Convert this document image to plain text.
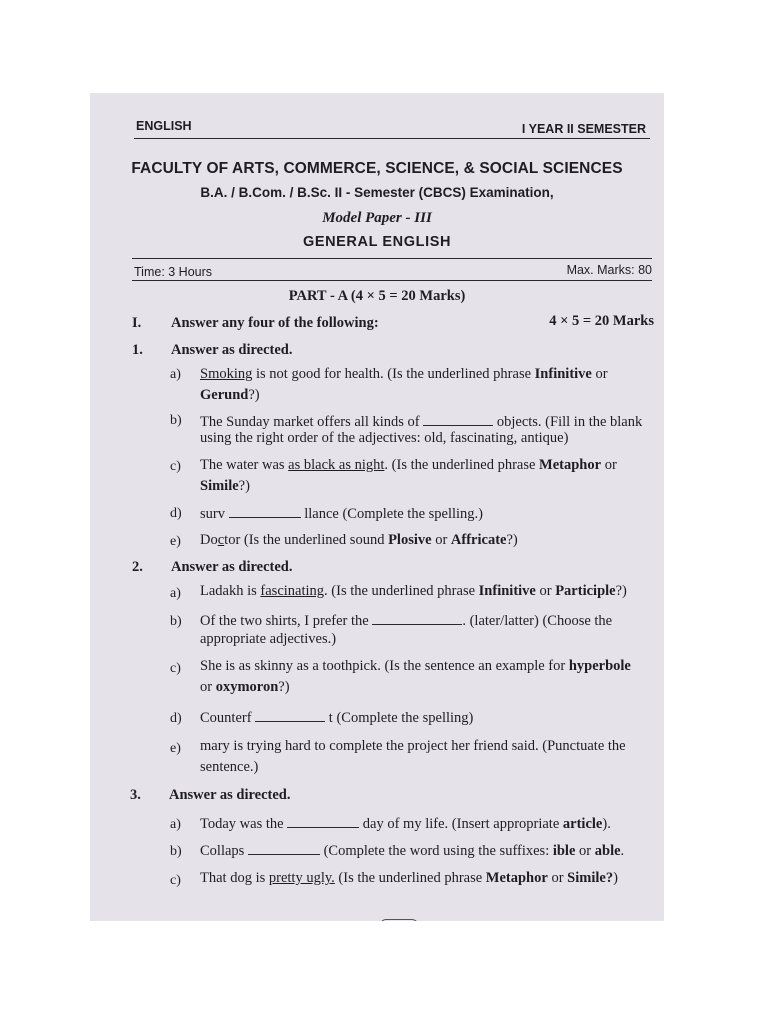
ENGLISH	I YEAR II SEMESTER
FACULTY OF ARTS, COMMERCE, SCIENCE, & SOCIAL SCIENCES
B.A. / B.Com. / B.Sc. II - Semester (CBCS) Examination,
Model Paper - III
GENERAL ENGLISH
Time: 3 Hours	Max. Marks: 80
PART - A (4 × 5 = 20 Marks)
I. Answer any four of the following:	4 × 5 = 20 Marks
1. Answer as directed.
a) Smoking is not good for health. (Is the underlined phrase Infinitive or
Gerund?)
b) The Sunday market offers all kinds of	objects. (Fill in the blank
using the right order of the adjectives: old, fascinating, antique)
c) The water was as black as night. (Is the underlined phrase Metaphor or
Simile?)
d) surv	llance (Complete the spelling.)
e) Doctor (Is the underlined sound Plosive or Affricate?)
2. Answer as directed.
a) Ladakh is fascinating. (Is the underlined phrase Infinitive or Participle?)
b) Of the two shirts, I prefer the	. (later/latter) (Choose the
appropriate adjectives.)
c) She is as skinny as a toothpick. (Is the sentence an example for hyperbole
or oxymoron?)
d) Counterf	t (Complete the spelling)
e) mary is trying hard to complete the project her friend said. (Punctuate the
sentence.)
3. Answer as directed.
a) Today was the	day of my life. (Insert appropriate article).
b) Collaps	(Complete the word using the suffixes: ible or able.
c) That dog is pretty ugly. (Is the underlined phrase Metaphor or Simile?)
